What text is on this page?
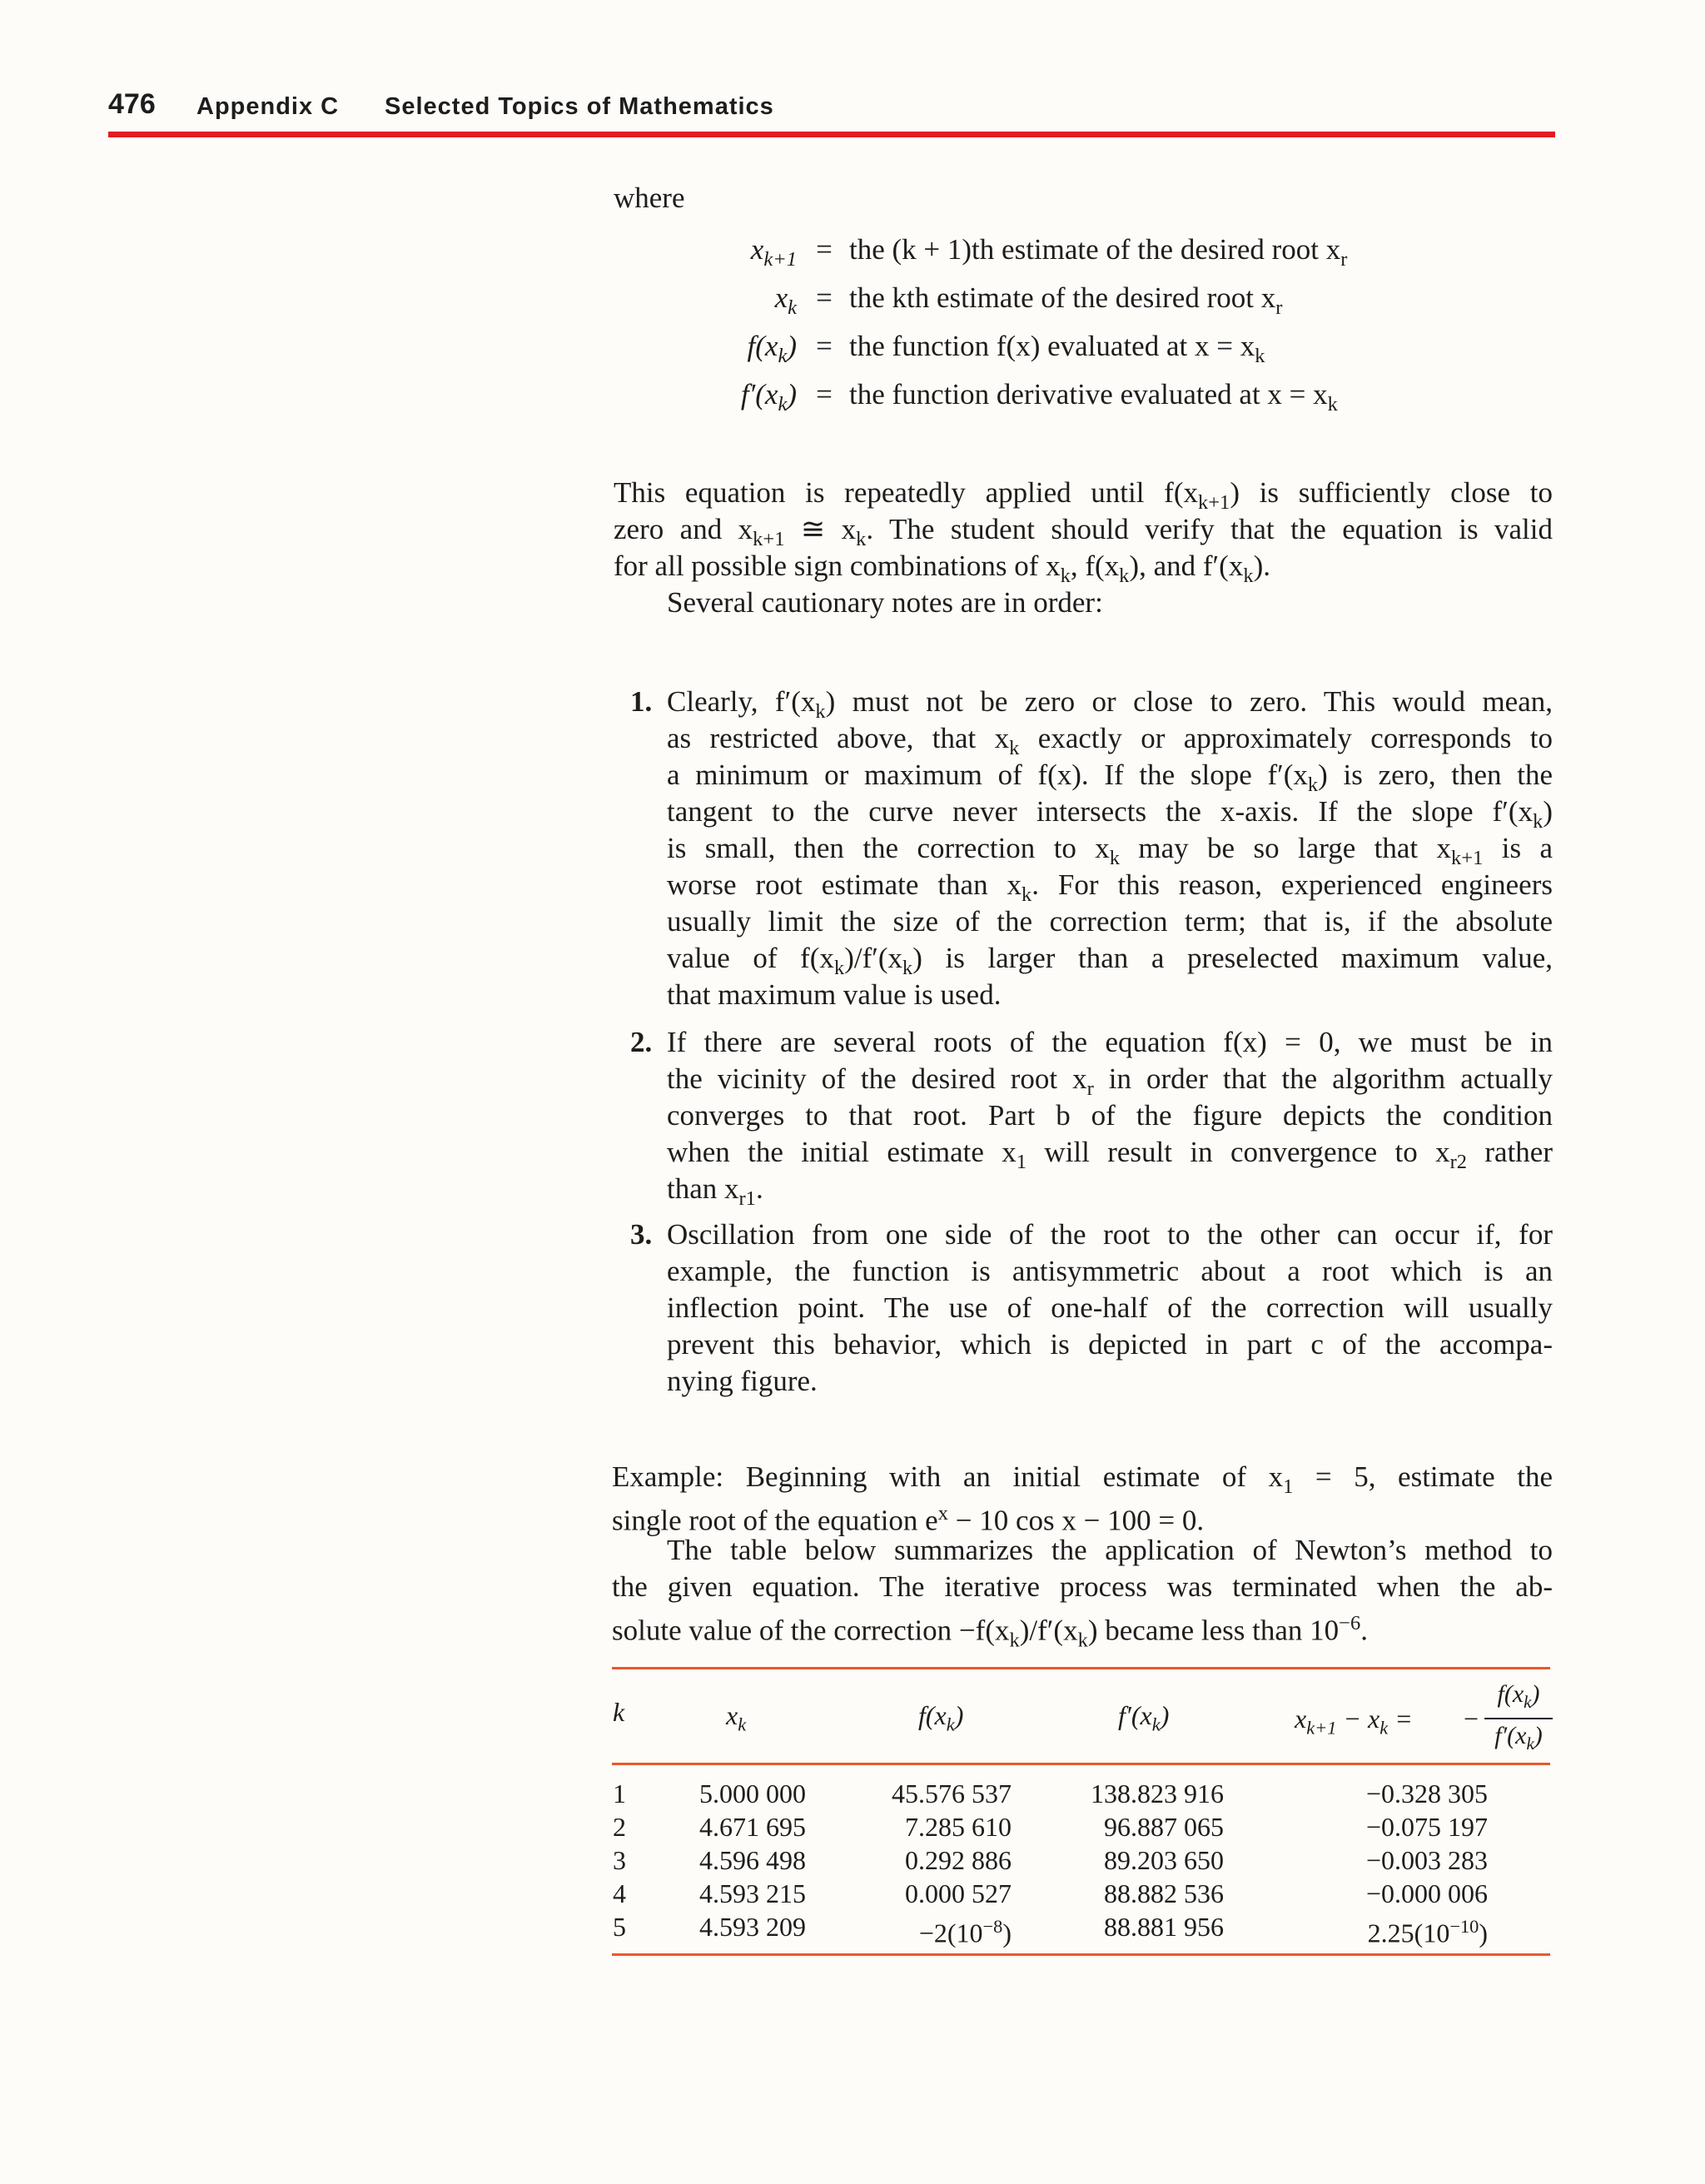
476 Appendix C Selected Topics of Mathematics
where
$x_{k+1}$ = the (k + 1)th estimate of the desired root $x_r$
$x_k$ = the kth estimate of the desired root $x_r$
$f(x_k)$ = the function f(x) evaluated at $x = x_k$
$f'(x_k)$ = the function derivative evaluated at $x = x_k$
This equation is repeatedly applied until $f(x_{k+1})$ is sufficiently close to
zero and $x_{k+1}$ ≅ $x_k$. The student should verify that the equation is valid
for all possible sign combinations of $x_k$, $f(x_k)$, and $f'(x_k)$.
Several cautionary notes are in order:
1. Clearly, $f'(x_k)$ must not be zero or close to zero. This would mean,
as restricted above, that $x_k$ exactly or approximately corresponds to
a minimum or maximum of f(x). If the slope $f'(x_k)$ is zero, then the
tangent to the curve never intersects the x-axis. If the slope $f'(x_k)$
is small, then the correction to $x_k$ may be so large that $x_{k+1}$ is a
worse root estimate than $x_k$. For this reason, experienced engineers
usually limit the size of the correction term; that is, if the absolute
value of $f(x_k)/f'(x_k)$ is larger than a preselected maximum value,
that maximum value is used.
2. If there are several roots of the equation f(x) = 0, we must be in
the vicinity of the desired root $x_r$ in order that the algorithm actually
converges to that root. Part b of the figure depicts the condition
when the initial estimate $x_1$ will result in convergence to $x_{r2}$ rather
than $x_{r1}$.
3. Oscillation from one side of the root to the other can occur if, for
example, the function is antisymmetric about a root which is an
inflection point. The use of one-half of the correction will usually
prevent this behavior, which is depicted in part c of the accompa-
nying figure.
Example: Beginning with an initial estimate of $x_1 = 5$, estimate the
single root of the equation $e^x - 10$ cos x − 100 = 0.
The table below summarizes the application of Newton’s method to
the given equation. The iterative process was terminated when the ab-
solute value of the correction $-f(x_k)/f'(x_k)$ became less than $10^{-6}$.
k	$x_k$	$f(x_k)$	$f'(x_k)$	$x_{k+1} - x_k$ = −
$f(x_k)$
$f'(x_k)$
1	5.000 000	45.576 537	138.823 916	−0.328 305
2	4.671 695	7.285 610	96.887 065	−0.075 197
3	4.596 498	0.292 886	89.203 650	−0.003 283
4	4.593 215	0.000 527	88.882 536	−0.000 006
5	4.593 209	$-2(10^{-8})$	88.881 956	$2.25(10^{-10})$
